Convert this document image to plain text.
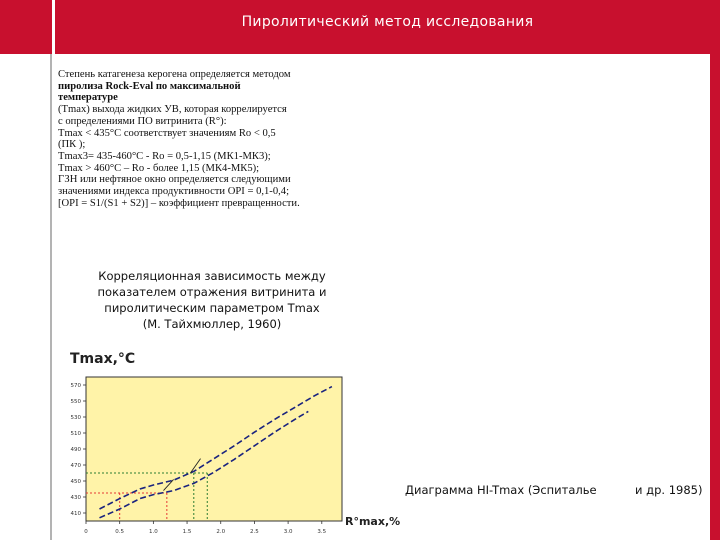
Пиролитический метод исследования

Степень катагенеза керогена определяется методом

пиролиза Rock-Eval по максимальной

температуре

(Tmax) выхода жидких УВ, которая коррелируется

с определениями ПО витринита (R°):

Tmax < 435°С соответствует значениям Ro < 0,5

(ПК );

Tmax3= 435-460°C - Ro = 0,5-1,15 (МК1-МК3);

Tmax > 460°C – Ro - более 1,15 (МК4-МК5);

ГЗН или нефтяное окно определяется следующими

значениями индекса продуктивности OPI = 0,1-0,4;

[OPI = S1/(S1 + S2)] – коэффициент превращенности.

Корреляционная зависимость между

показателем отражения витринита и

пиролитическим параметром Tmax

(М. Тайхмюллер, 1960)

410
430
450
470
490
510
530
550
570
0	0.5	1.0	1.5	2.0	2.5	3.0	3.5
Tmax,°C
R°max,%
Диаграмма HI-Tmax (Эспиталье	и др. 1985)
